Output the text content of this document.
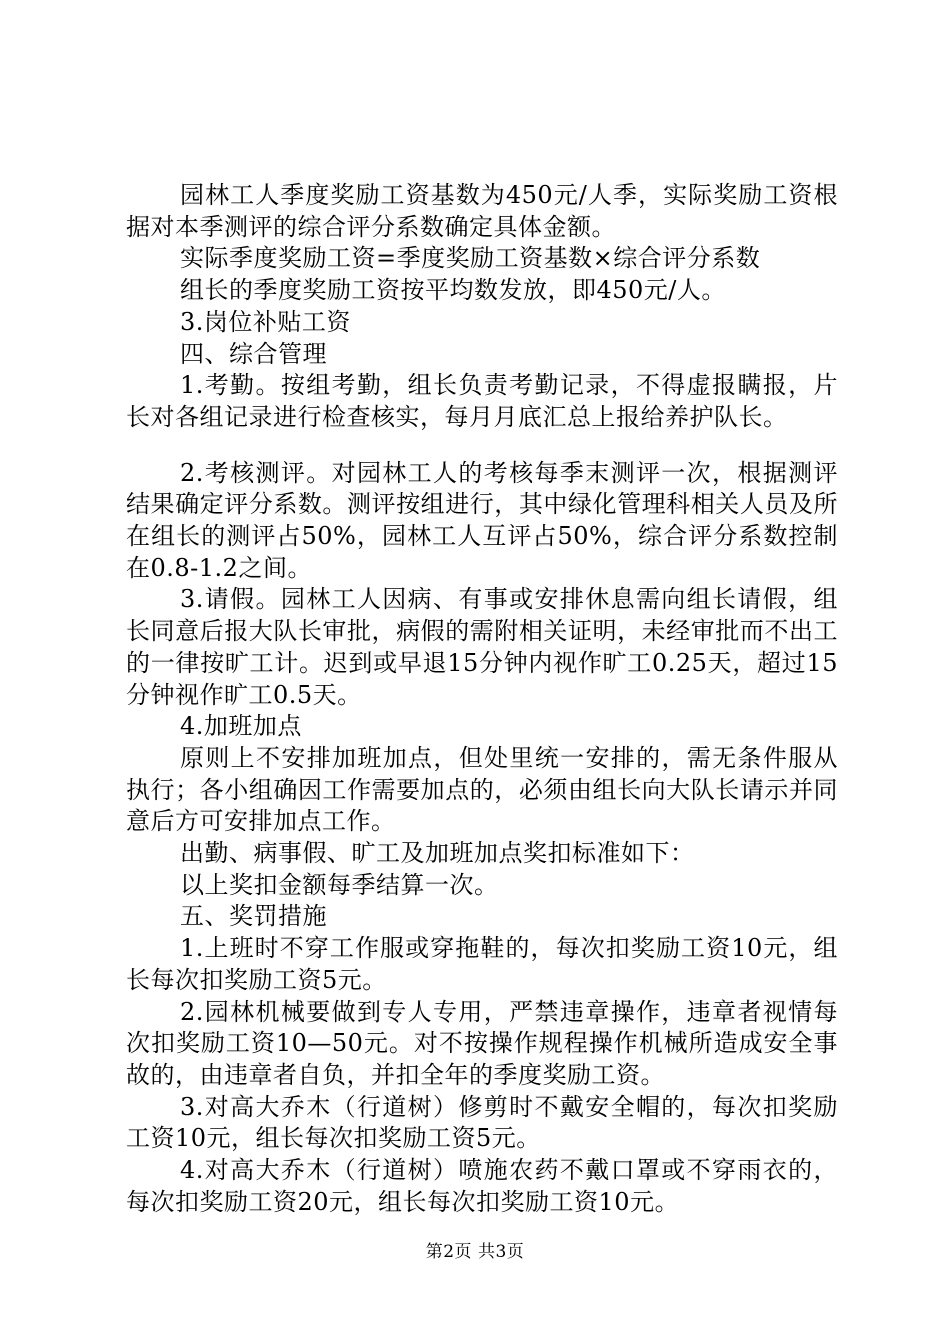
园林工人季度奖励工资基数为450元/人季，实际奖励工资根据对本季测评的综合评分系数确定具体金额。

实际季度奖励工资=季度奖励工资基数×综合评分系数

组长的季度奖励工资按平均数发放，即450元/人。

3.岗位补贴工资

四、综合管理

1.考勤。按组考勤，组长负责考勤记录，不得虚报瞒报，片长对各组记录进行检查核实，每月月底汇总上报给养护队长。

2.考核测评。对园林工人的考核每季末测评一次，根据测评结果确定评分系数。测评按组进行，其中绿化管理科相关人员及所在组长的测评占50%，园林工人互评占50%，综合评分系数控制在0.8-1.2之间。

3.请假。园林工人因病、有事或安排休息需向组长请假，组长同意后报大队长审批，病假的需附相关证明，未经审批而不出工的一律按旷工计。迟到或早退15分钟内视作旷工0.25天，超过15分钟视作旷工0.5天。

4.加班加点

原则上不安排加班加点，但处里统一安排的，需无条件服从执行；各小组确因工作需要加点的，必须由组长向大队长请示并同意后方可安排加点工作。

出勤、病事假、旷工及加班加点奖扣标准如下：

以上奖扣金额每季结算一次。

五、奖罚措施

1.上班时不穿工作服或穿拖鞋的，每次扣奖励工资10元，组长每次扣奖励工资5元。

2.园林机械要做到专人专用，严禁违章操作，违章者视情每次扣奖励工资10—50元。对不按操作规程操作机械所造成安全事故的，由违章者自负，并扣全年的季度奖励工资。

3.对高大乔木（行道树）修剪时不戴安全帽的，每次扣奖励工资10元，组长每次扣奖励工资5元。

4.对高大乔木（行道树）喷施农药不戴口罩或不穿雨衣的，每次扣奖励工资20元，组长每次扣奖励工资10元。

第2页 共3页
